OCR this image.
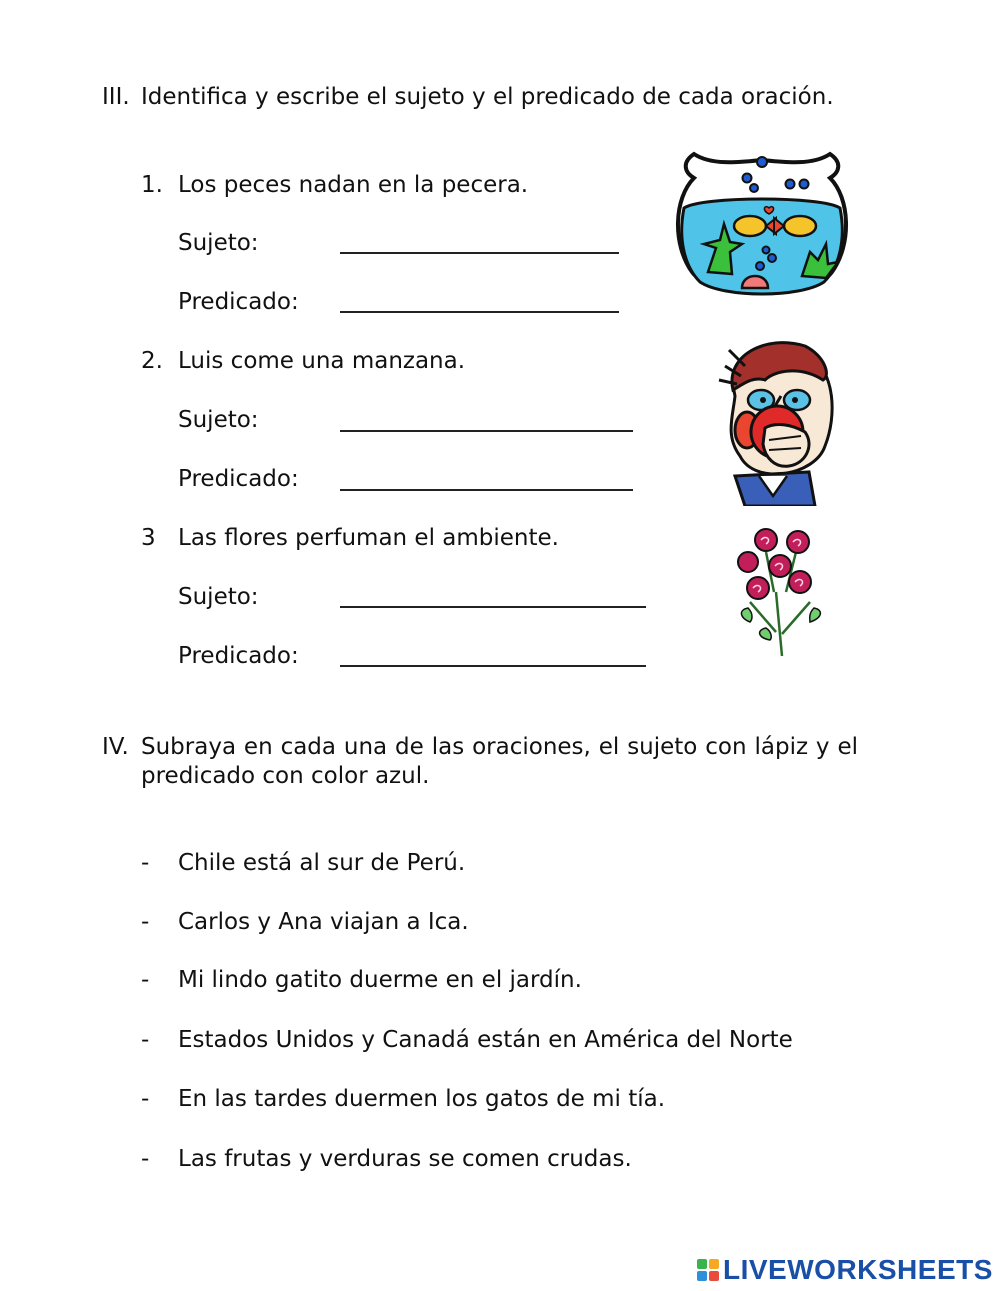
III. Identifica y escribe el sujeto y el predicado de cada oración.
1. Los peces nadan en la pecera.
Sujeto:
Predicado:
2. Luis come una manzana.
Sujeto:
Predicado:
3 Las flores perfuman el ambiente.
Sujeto:
Predicado:
IV. Subraya en cada una de las oraciones, el sujeto con lápiz y el predicado con color azul.
- Chile está al sur de Perú.
- Carlos y Ana viajan a Ica.
- Mi lindo gatito duerme en el jardín.
- Estados Unidos y Canadá están en América del Norte
- En las tardes duermen los gatos de mi tía.
- Las frutas y verduras se comen crudas.
LIVEWORKSHEETS
